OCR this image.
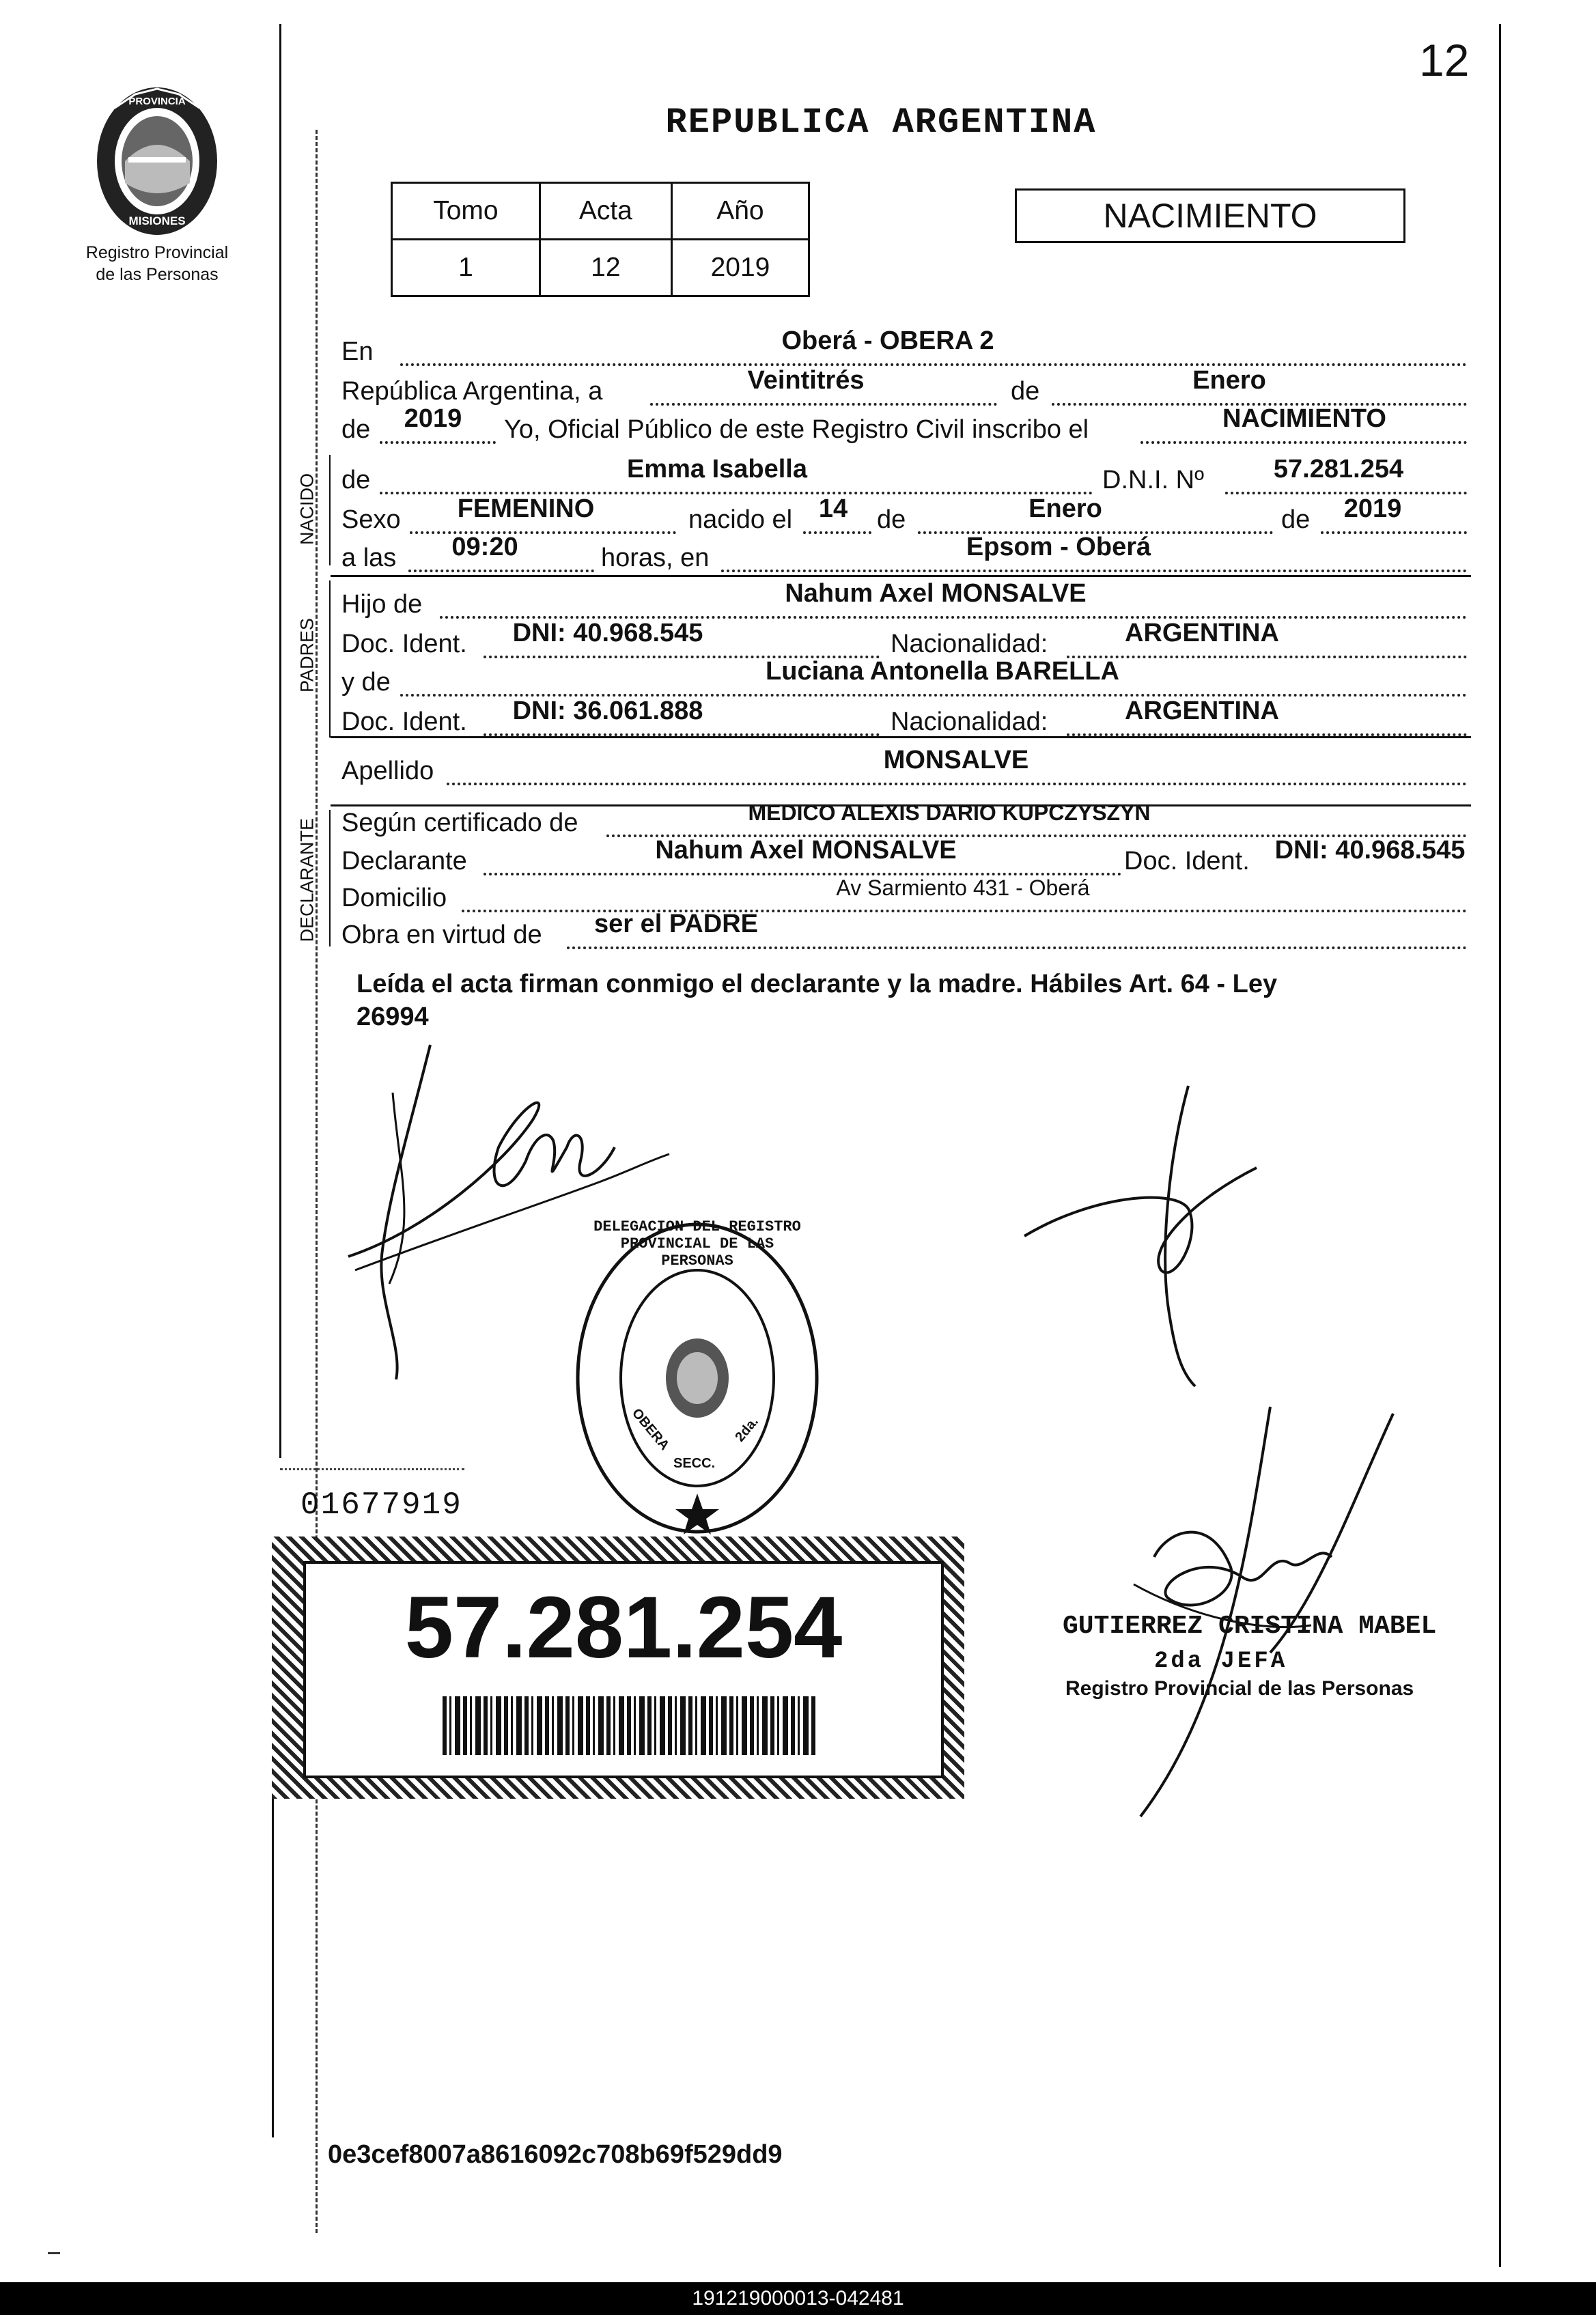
12
PROVINCIA DE
MISIONES
Registro Provincial
de las Personas
REPUBLICA ARGENTINA
Tomo	Acta	Año
1	12	2019
NACIMIENTO
En	Oberá - OBERA 2
República Argentina, a	Veintitrés	de	Enero
de	2019	Yo, Oficial Público de este Registro Civil inscribo el	NACIMIENTO
NACIDO de	Emma Isabella	D.N.I. Nº	57.281.254
Sexo	FEMENINO	nacido el	14	de	Enero	de	2019
a las	09:20	horas, en	Epsom - Oberá
PADRES
Hijo de	Nahum Axel MONSALVE
Doc. Ident.	DNI: 40.968.545	Nacionalidad:	ARGENTINA
y de	Luciana Antonella BARELLA
Doc. Ident.	DNI: 36.061.888	Nacionalidad:	ARGENTINA
Apellido	MONSALVE
DECLARANTE Según certificado de	MEDICO ALEXIS DARIO KUPCZYSZYN
Declarante	Nahum Axel MONSALVE	Doc. Ident. DNI: 40.968.545
Domicilio	Av Sarmiento 431 - Oberá
Obra en virtud de	ser el PADRE
Leída el acta firman conmigo el declarante y la madre. Hábiles Art. 64 - Ley
26994
DELEGACION DEL REGISTRO PROVINCIAL DE LAS PERSONAS
OBERA
SECC.
2da.
01677919
57.281.254	GUTIERREZ CRISTINA MABEL
2da JEFA
Registro Provincial de las Personas
0e3cef8007a8616092c708b69f529dd9
191219000013-042481
